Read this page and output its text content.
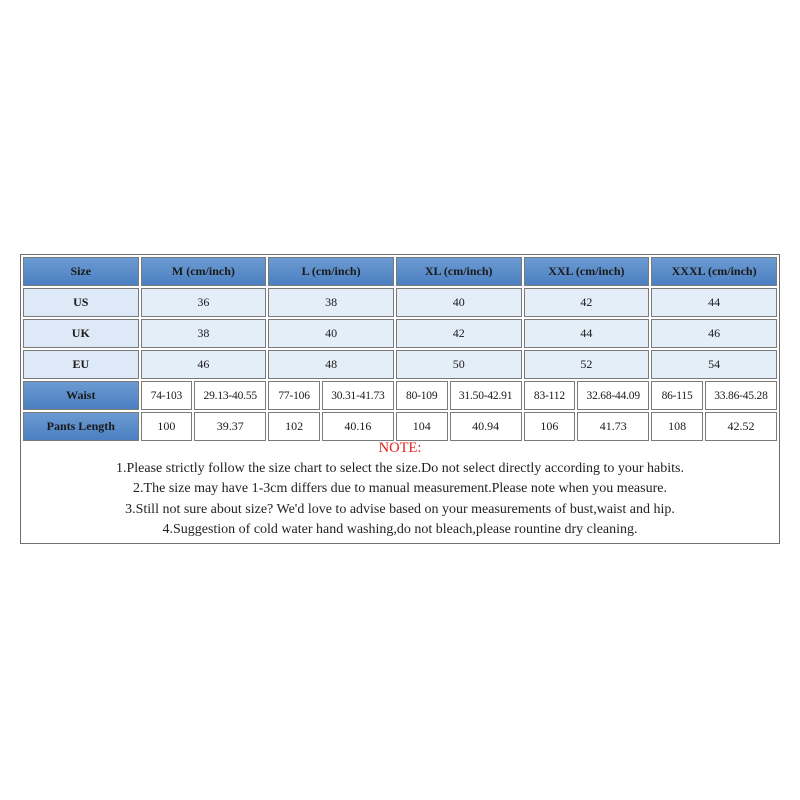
Size	M (cm/inch)		L (cm/inch)		XL (cm/inch)		XXL (cm/inch)		XXXL (cm/inch)	
US	36		38		40		42		44	
UK	38		40		42		44		46	
EU	46		48		50		52		54	
Waist	74-103	29.13-40.55	77-106	30.31-41.73	80-109	31.50-42.91	83-112	32.68-44.09	86-115	33.86-45.28
Pants Length	100	39.37	102	40.16	104	40.94	106	41.73	108	42.52
NOTE:
1.Please strictly follow the size chart to select the size.Do not select directly according to your habits.
2.The size may have 1-3cm differs due to manual measurement.Please note when you measure.
3.Still not sure about size? We'd love to advise based on your measurements of bust,waist and hip.
4.Suggestion of cold water hand washing,do not bleach,please rountine dry cleaning.
